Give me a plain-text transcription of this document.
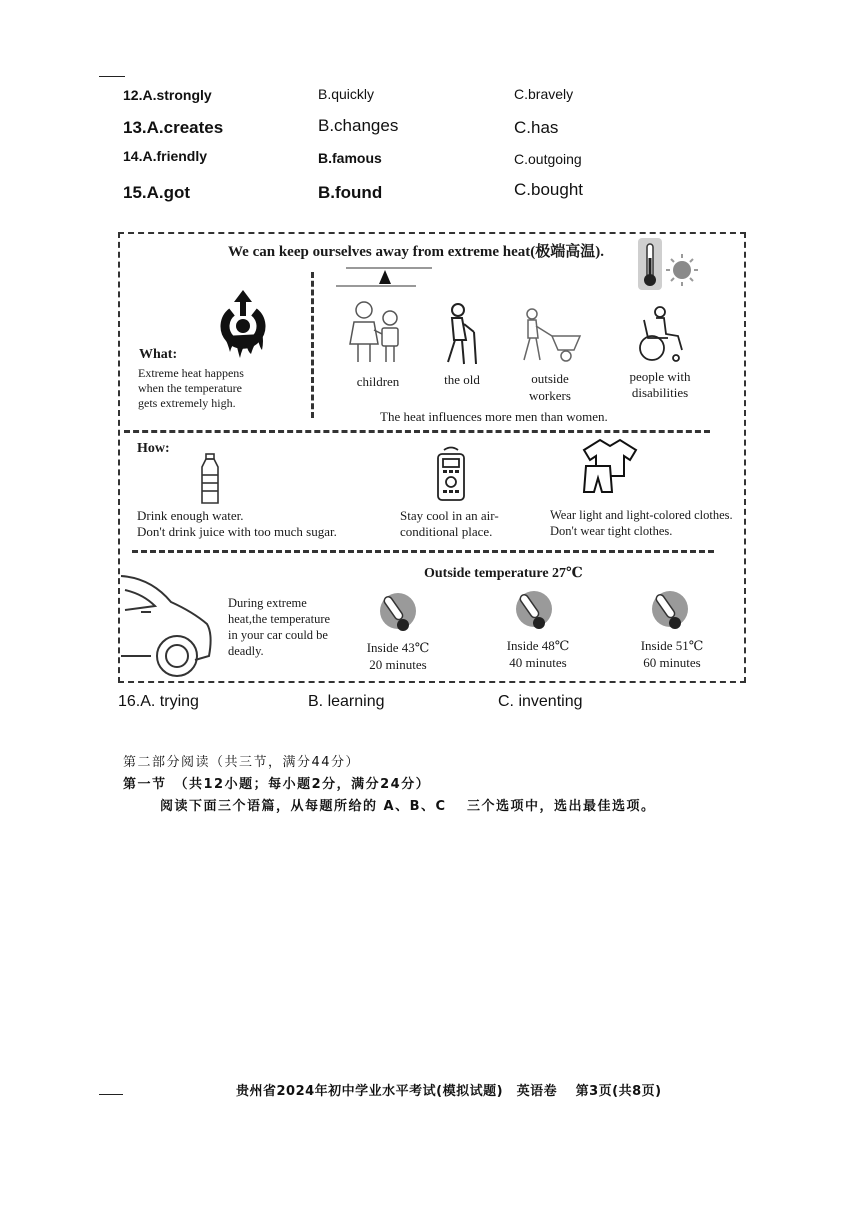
12.A.strongly	B.quickly	C.bravely
13.A.creates	B.changes	C.has
14.A.friendly	B.famous	C.outgoing
15.A.got	B.found	C.bought
We can keep ourselves away from extreme heat(极端高温).
What:
Extreme heat happens
when the temperature
gets extremely high.
children	the old	outside
workers
people with
disabilities
The heat influences more men than women.
How:
Drink enough water.
Don't drink juice with too much sugar.
Stay cool in an air-
conditional place.
Wear light and light-colored clothes.
Don't wear tight clothes.
Outside temperature 27℃
During extreme
heat,the temperature
in your car could be
deadly.	Inside 43℃
20 minutes
Inside 48℃
40 minutes
Inside 51℃
60 minutes
16.A. trying	B. learning	C. inventing
第二部分阅读（共三节，满分44分）
第一节　（共12小题；每小题2分，满分24分）
阅读下面三个语篇，从每题所给的 A、B、C　 三个选项中，选出最佳选项。
贵州省2024年初中学业水平考试(模拟试题)　英语卷　 第3页(共8页)
